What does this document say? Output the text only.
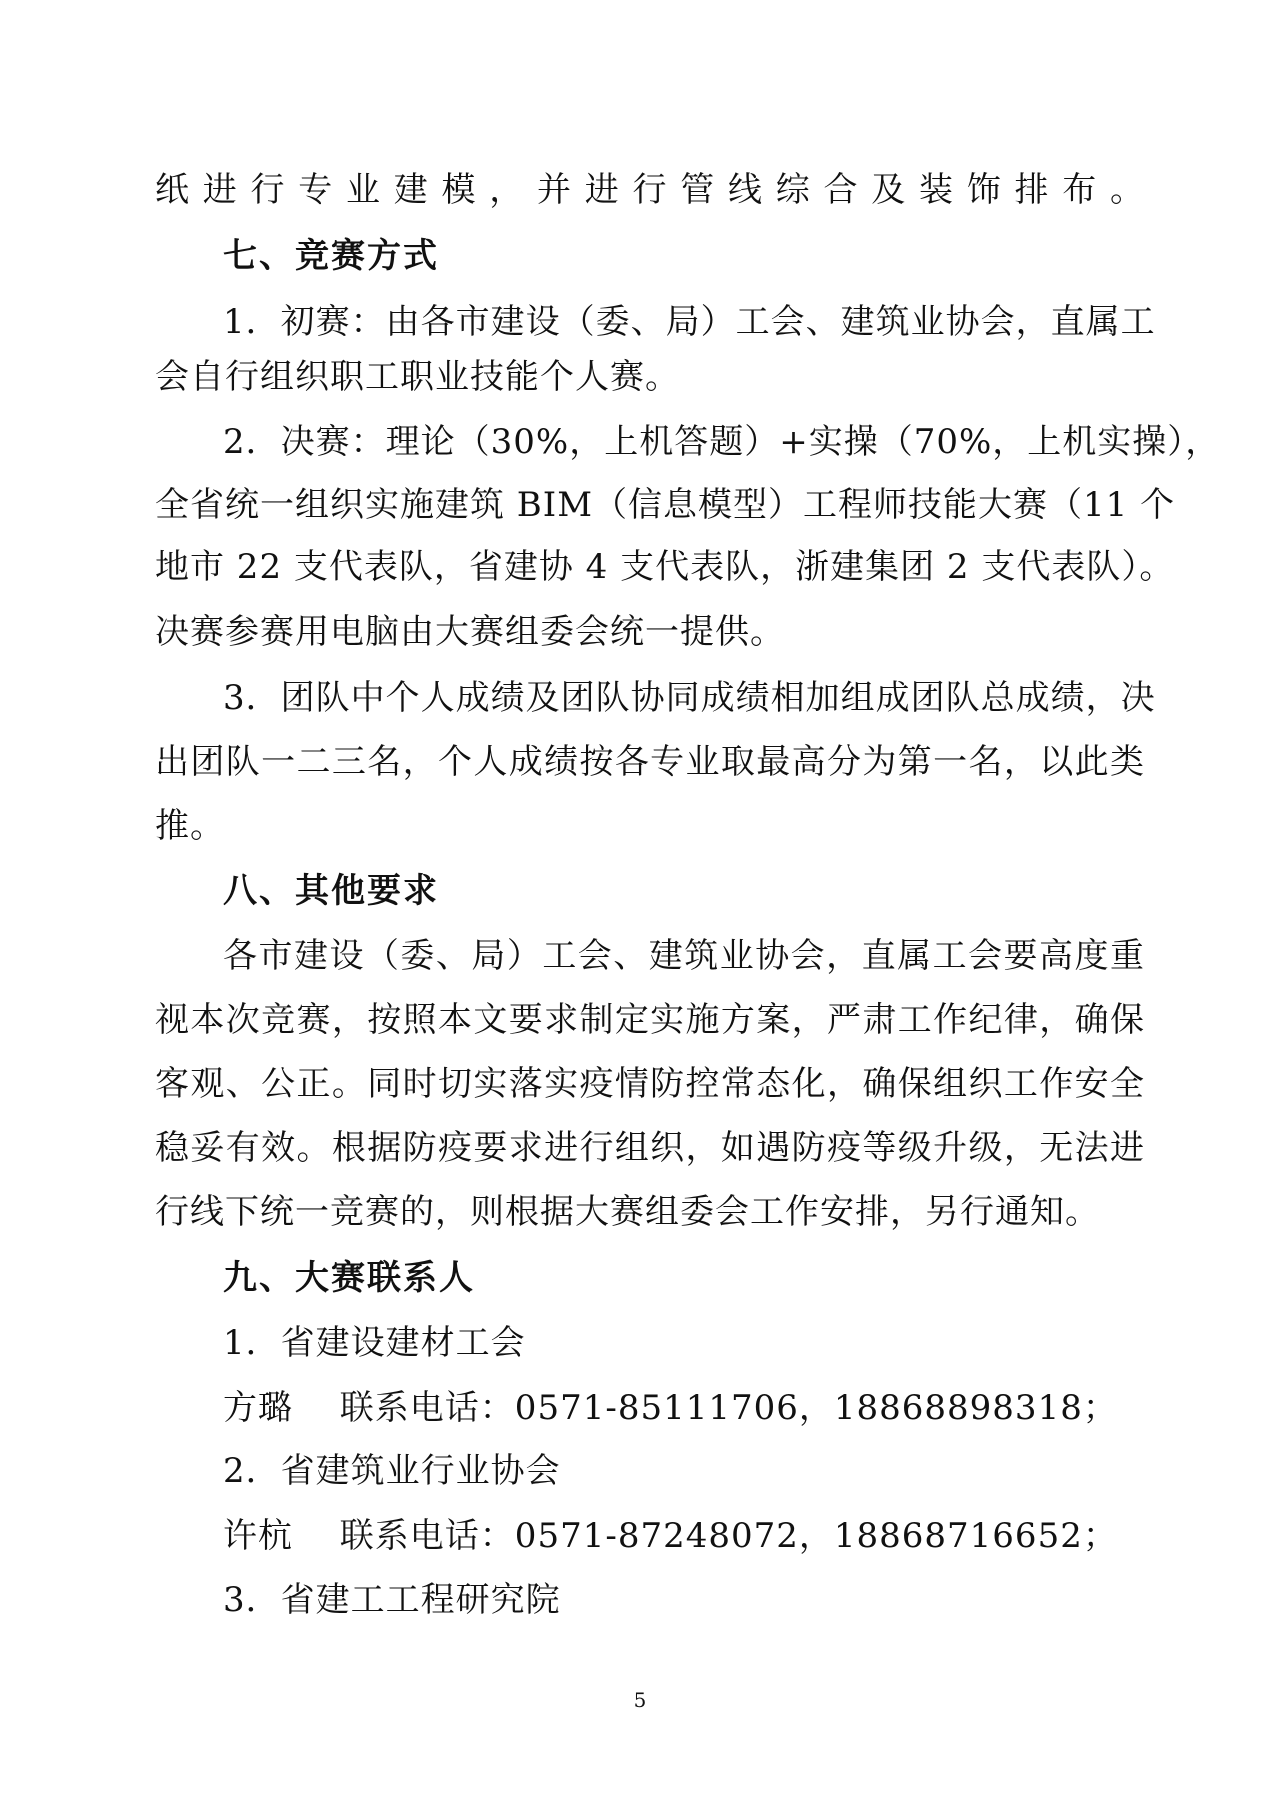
纸进行专业建模，并进行管线综合及装饰排布。
七、竞赛方式
1．初赛：由各市建设（委、局）工会、建筑业协会，直属工
会自行组织职工职业技能个人赛。
2．决赛：理论（30%，上机答题）+实操（70%，上机实操），
全省统一组织实施建筑 BIM（信息模型）工程师技能大赛（11 个
地市 22 支代表队，省建协 4 支代表队，浙建集团 2 支代表队）。
决赛参赛用电脑由大赛组委会统一提供。
3．团队中个人成绩及团队协同成绩相加组成团队总成绩，决
出团队一二三名，个人成绩按各专业取最高分为第一名，以此类
推。
八、其他要求
各市建设（委、局）工会、建筑业协会，直属工会要高度重
视本次竞赛，按照本文要求制定实施方案，严肃工作纪律，确保
客观、公正。同时切实落实疫情防控常态化，确保组织工作安全
稳妥有效。根据防疫要求进行组织，如遇防疫等级升级，无法进
行线下统一竞赛的，则根据大赛组委会工作安排，另行通知。
九、大赛联系人
1．省建设建材工会
方璐　 联系电话：0571-85111706，18868898318；
2．省建筑业行业协会
许杭　 联系电话：0571-87248072，18868716652；
3．省建工工程研究院
5
